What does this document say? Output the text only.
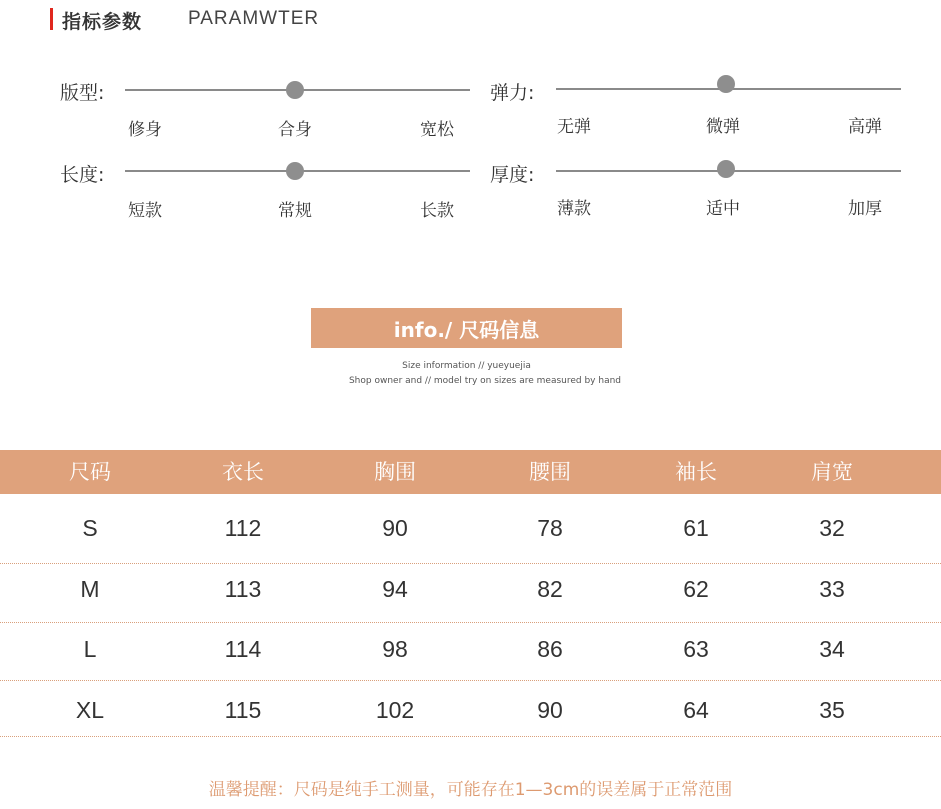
指标参数 PARAMWTER
版型:
修身	合身	宽松
弹力:
无弹	微弹	高弹
长度:
短款	常规	长款
厚度:
薄款	适中	加厚
info./ 尺码信息
Size information // yueyuejia
Shop owner and // model try on sizes are measured by hand
尺码	衣长	胸围	腰围	袖长	肩宽
S	112	90	78	61	32
M	113	94	82	62	33
L	114	98	86	63	34
XL	115	102	90	64	35
温馨提醒：尺码是纯手工测量，可能存在1—3cm的误差属于正常范围
